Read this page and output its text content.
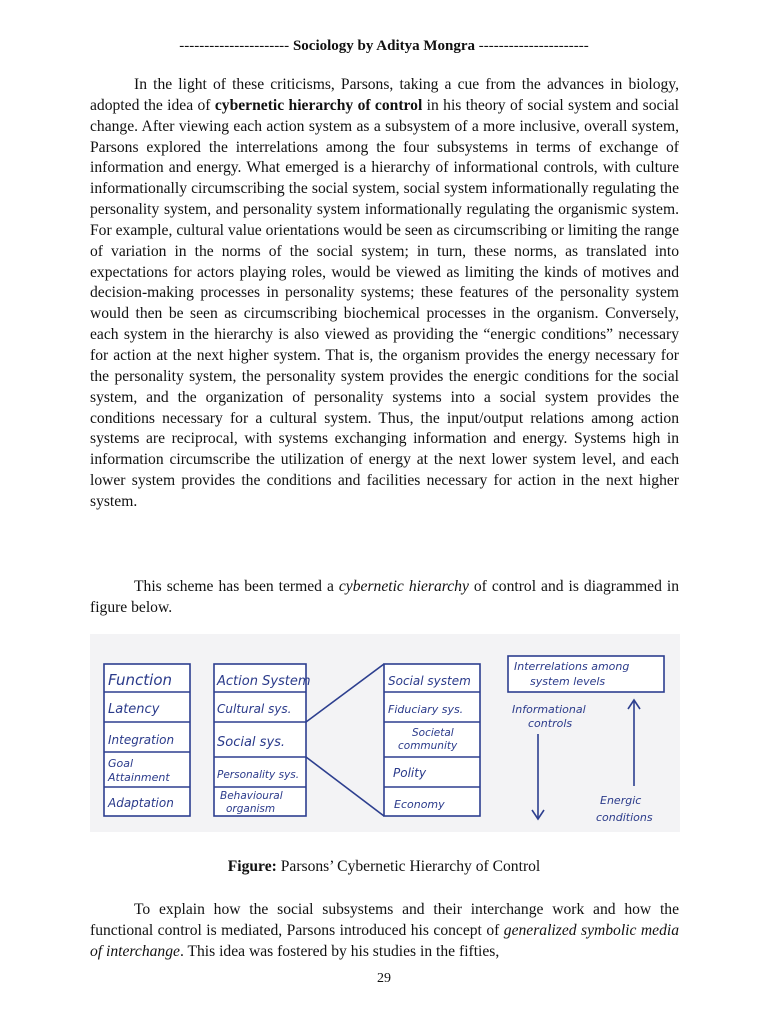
---------------------- Sociology by Aditya Mongra ----------------------

In the light of these criticisms, Parsons, taking a cue from the advances in biology, adopted the idea of cybernetic hierarchy of control in his theory of social system and social change. After viewing each action system as a subsystem of a more inclusive, overall system, Parsons explored the interrelations among the four subsystems in terms of exchange of information and energy. What emerged is a hierarchy of informational controls, with culture informationally circumscribing the social system, social system informationally regulating the personality system, and personality system informationally regulating the organismic system. For example, cultural value orientations would be seen as circumscribing or limiting the range of variation in the norms of the social system; in turn, these norms, as translated into expectations for actors playing roles, would be viewed as limiting the kinds of motives and decision-making processes in personality systems; these features of the personality system would then be seen as circumscribing biochemical processes in the organism. Conversely, each system in the hierarchy is also viewed as providing the “energic conditions” necessary for action at the next higher system. That is, the organism provides the energy necessary for the personality system, the personality system provides the energic conditions for the social system, and the organization of personality systems into a social system provides the conditions necessary for a cultural system. Thus, the input/output relations among action systems are reciprocal, with systems exchanging information and energy. Systems high in information circumscribe the utilization of energy at the next lower system level, and each lower system provides the conditions and facilities necessary for action in the next higher system.

This scheme has been termed a cybernetic hierarchy of control and is diagrammed in figure below.

Function
Latency
Integration
Goal Attainment
Adaptation
Action System
Cultural sys.
Social sys.
Personality sys.
Behavioural organism
Social system
Fiduciary sys.
Societal community
Polity
Economy
Interrelations among system levels
Informational controls
Energic conditions
Figure: Parsons’ Cybernetic Hierarchy of Control

To explain how the social subsystems and their interchange work and how the functional control is mediated, Parsons introduced his concept of generalized symbolic media of interchange. This idea was fostered by his studies in the fifties,

29
